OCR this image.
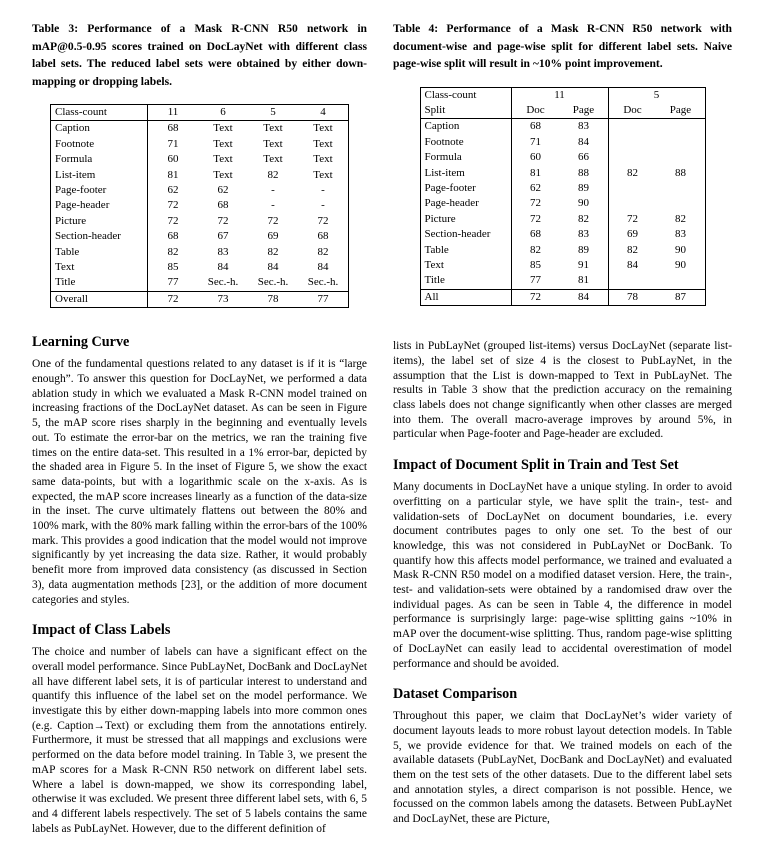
Table 3: Performance of a Mask R-CNN R50 network in mAP@0.5-0.95 scores trained on DocLayNet with different class label sets. The reduced label sets were obtained by either down-mapping or dropping labels.

Class-count	11	6	5	4
Caption	68	Text	Text	Text
Footnote	71	Text	Text	Text
Formula	60	Text	Text	Text
List-item	81	Text	82	Text
Page-footer	62	62	-	-
Page-header	72	68	-	-
Picture	72	72	72	72
Section-header	68	67	69	68
Table	82	83	82	82
Text	85	84	84	84
Title	77	Sec.-h.	Sec.-h.	Sec.-h.
Overall	72	73	78	77
Learning Curve

One of the fundamental questions related to any dataset is if it is “large enough”. To answer this question for DocLayNet, we performed a data ablation study in which we evaluated a Mask R-CNN model trained on increasing fractions of the DocLayNet dataset. As can be seen in Figure 5, the mAP score rises sharply in the beginning and eventually levels out. To estimate the error-bar on the metrics, we ran the training five times on the entire data-set. This resulted in a 1% error-bar, depicted by the shaded area in Figure 5. In the inset of Figure 5, we show the exact same data-points, but with a logarithmic scale on the x-axis. As is expected, the mAP score increases linearly as a function of the data-size in the inset. The curve ultimately flattens out between the 80% and 100% mark, with the 80% mark falling within the error-bars of the 100% mark. This provides a good indication that the model would not improve significantly by yet increasing the data size. Rather, it would probably benefit more from improved data consistency (as discussed in Section 3), data augmentation methods [23], or the addition of more document categories and styles.

Impact of Class Labels

The choice and number of labels can have a significant effect on the overall model performance. Since PubLayNet, DocBank and DocLayNet all have different label sets, it is of particular interest to understand and quantify this influence of the label set on the model performance. We investigate this by either down-mapping labels into more common ones (e.g. Caption→Text) or excluding them from the annotations entirely. Furthermore, it must be stressed that all mappings and exclusions were performed on the data before model training. In Table 3, we present the mAP scores for a Mask R-CNN R50 network on different label sets. Where a label is down-mapped, we show its corresponding label, otherwise it was excluded. We present three different label sets, with 6, 5 and 4 different labels respectively. The set of 5 labels contains the same labels as PubLayNet. However, due to the different definition of

Table 4: Performance of a Mask R-CNN R50 network with document-wise and page-wise split for different label sets. Naive page-wise split will result in ~10% point improvement.

Class-count	11		5	
Split	Doc	Page	Doc	Page
Caption	68	83		
Footnote	71	84		
Formula	60	66		
List-item	81	88	82	88
Page-footer	62	89		
Page-header	72	90		
Picture	72	82	72	82
Section-header	68	83	69	83
Table	82	89	82	90
Text	85	91	84	90
Title	77	81		
All	72	84	78	87

lists in PubLayNet (grouped list-items) versus DocLayNet (separate list-items), the label set of size 4 is the closest to PubLayNet, in the assumption that the List is down-mapped to Text in PubLayNet. The results in Table 3 show that the prediction accuracy on the remaining class labels does not change significantly when other classes are merged into them. The overall macro-average improves by around 5%, in particular when Page-footer and Page-header are excluded.

Impact of Document Split in Train and Test Set

Many documents in DocLayNet have a unique styling. In order to avoid overfitting on a particular style, we have split the train-, test- and validation-sets of DocLayNet on document boundaries, i.e. every document contributes pages to only one set. To the best of our knowledge, this was not considered in PubLayNet or DocBank. To quantify how this affects model performance, we trained and evaluated a Mask R-CNN R50 model on a modified dataset version. Here, the train-, test- and validation-sets were obtained by a randomised draw over the individual pages. As can be seen in Table 4, the difference in model performance is surprisingly large: page-wise splitting gains ~10% in mAP over the document-wise splitting. Thus, random page-wise splitting of DocLayNet can easily lead to accidental overestimation of model performance and should be avoided.

Dataset Comparison

Throughout this paper, we claim that DocLayNet’s wider variety of document layouts leads to more robust layout detection models. In Table 5, we provide evidence for that. We trained models on each of the available datasets (PubLayNet, DocBank and DocLayNet) and evaluated them on the test sets of the other datasets. Due to the different label sets and annotation styles, a direct comparison is not possible. Hence, we focussed on the common labels among the datasets. Between PubLayNet and DocLayNet, these are Picture,
